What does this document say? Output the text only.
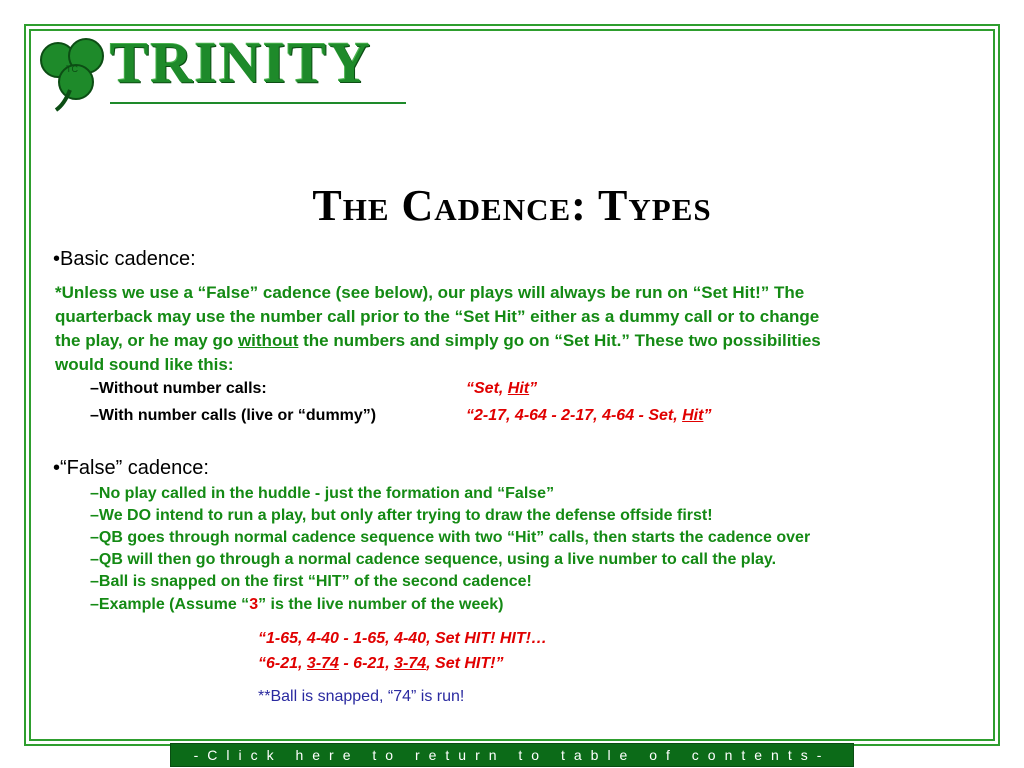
TC TRINITY
The Cadence: Types
•Basic cadence:
*Unless we use a “False” cadence (see below), our plays will always be run on “Set Hit!” The
quarterback may use the number call prior to the “Set Hit” either as a dummy call or to change
the play, or he may go without the numbers and simply go on “Set Hit.” These two possibilities
would sound like this:
–Without number calls:	“Set, Hit”
–With number calls (live or “dummy”)	“2-17, 4-64 - 2-17, 4-64 - Set, Hit”
•“False” cadence:
–No play called in the huddle - just the formation and “False”
–We DO intend to run a play, but only after trying to draw the defense offside first!
–QB goes through normal cadence sequence with two “Hit” calls, then starts the cadence over
–QB will then go through a normal cadence sequence, using a live number to call the play.
–Ball is snapped on the first “HIT” of the second cadence!
–Example (Assume “3” is the live number of the week)
“1-65, 4-40 - 1-65, 4-40, Set HIT! HIT!…
“6-21, 3-74 - 6-21, 3-74, Set HIT!”
**Ball is snapped, “74” is run!
-Click here to return to table of contents-
